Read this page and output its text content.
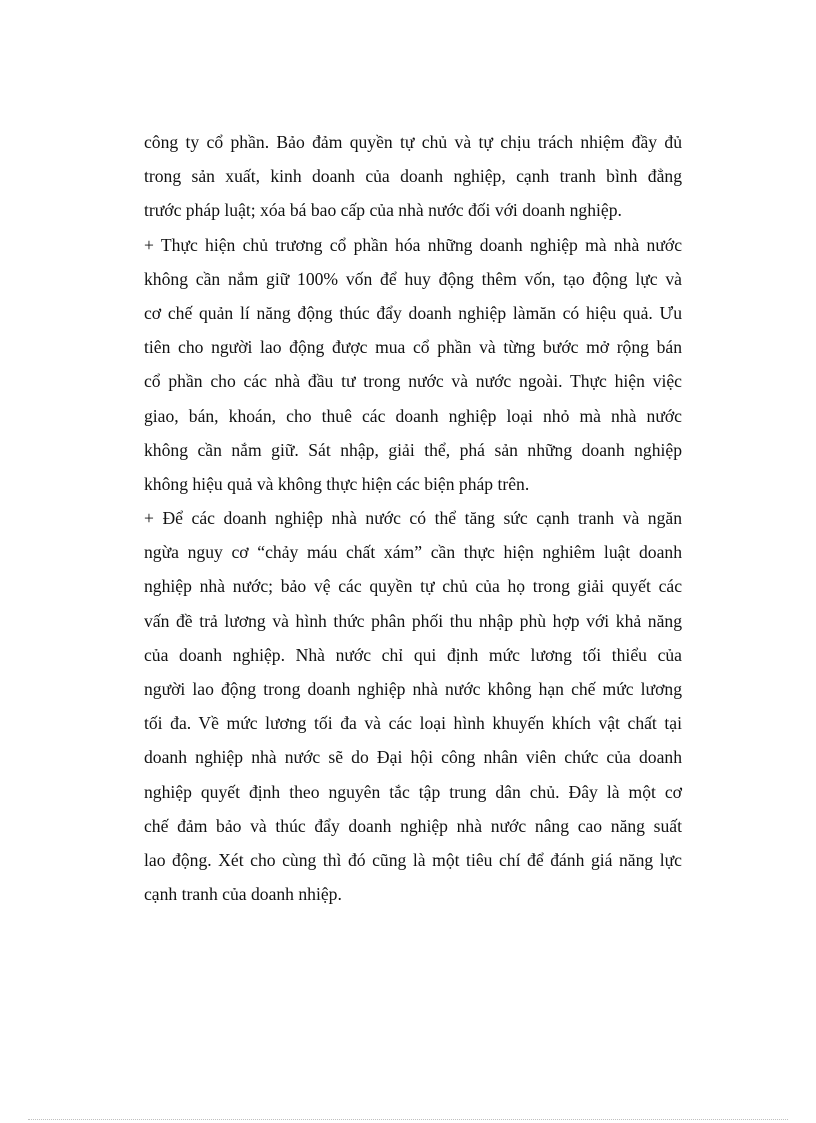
công ty cổ phần. Bảo đảm quyền tự chủ và tự chịu trách nhiệm đầy đủ
trong sản xuất, kinh doanh của doanh nghiệp, cạnh tranh bình đẳng
trước pháp luật; xóa bá bao cấp của nhà nước đối với doanh nghiệp.
+ Thực hiện chủ trương cổ phần hóa những doanh nghiệp mà nhà nước
không cần nắm giữ 100% vốn để huy động thêm vốn, tạo động lực và
cơ chế quản lí năng động thúc đẩy doanh nghiệp làmăn có hiệu quả. Ưu
tiên cho người lao động được mua cổ phần và từng bước mở rộng bán
cổ phần cho các nhà đầu tư trong nước và nước ngoài. Thực hiện việc
giao, bán, khoán, cho thuê các doanh nghiệp loại nhỏ mà nhà nước
không cần nắm giữ. Sát nhập, giải thể, phá sản những doanh nghiệp
không hiệu quả và không thực hiện các biện pháp trên.
+ Để các doanh nghiệp nhà nước có thể tăng sức cạnh tranh và ngăn
ngừa nguy cơ “chảy máu chất xám” cần thực hiện nghiêm luật doanh
nghiệp nhà nước; bảo vệ các quyền tự chủ của họ trong giải quyết các
vấn đề trả lương và hình thức phân phối thu nhập phù hợp với khả năng
của doanh nghiệp. Nhà nước chỉ qui định mức lương tối thiểu của
người lao động trong doanh nghiệp nhà nước không hạn chế mức lương
tối đa. Về mức lương tối đa và các loại hình khuyến khích vật chất tại
doanh nghiệp nhà nước sẽ do Đại hội công nhân viên chức của doanh
nghiệp quyết định theo nguyên tắc tập trung dân chủ. Đây là một cơ
chế đảm bảo và thúc đẩy doanh nghiệp nhà nước nâng cao năng suất
lao động. Xét cho cùng thì đó cũng là một tiêu chí để đánh giá năng lực
cạnh tranh của doanh nhiệp.
